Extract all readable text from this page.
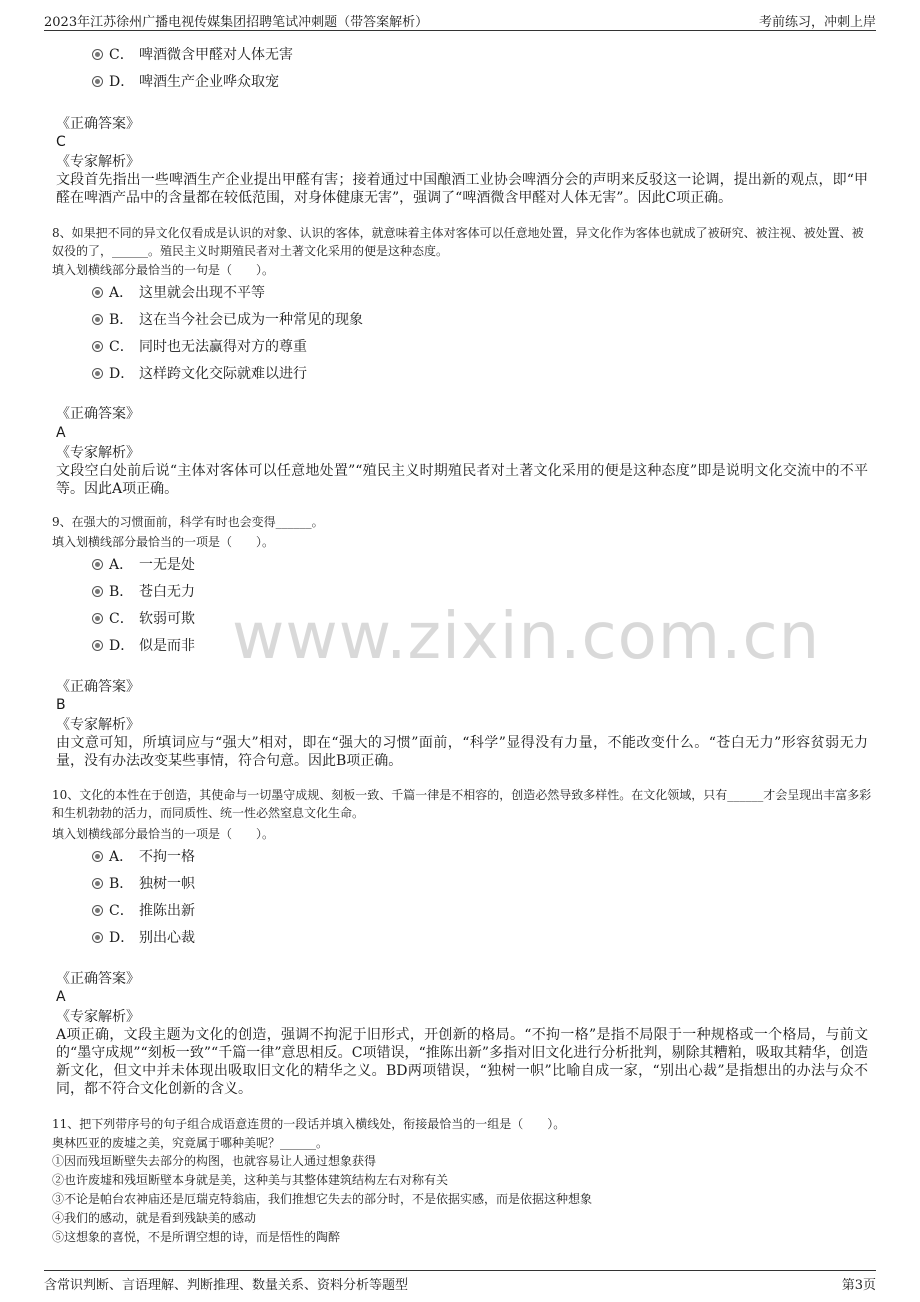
2023年江苏徐州广播电视传媒集团招聘笔试冲刺题（带答案解析）	考前练习，冲刺上岸
www.zixin.com.cn
C． 啤酒微含甲醛对人体无害
D． 啤酒生产企业哗众取宠
《正确答案》
C
《专家解析》
文段首先指出一些啤酒生产企业提出甲醛有害；接着通过中国酿酒工业协会啤酒分会的声明来反驳这一论调，提出新的观点，即“甲醛在啤酒产品中的含量都在较低范围，对身体健康无害”，强调了“啤酒微含甲醛对人体无害”。因此C项正确。
8、如果把不同的异文化仅看成是认识的对象、认识的客体，就意味着主体对客体可以任意地处置，异文化作为客体也就成了被研究、被注视、被处置、被奴役的了，______。殖民主义时期殖民者对土著文化采用的便是这种态度。
填入划横线部分最恰当的一句是（　　）。
A． 这里就会出现不平等
B． 这在当今社会已成为一种常见的现象
C． 同时也无法赢得对方的尊重
D． 这样跨文化交际就难以进行
《正确答案》
A
《专家解析》
文段空白处前后说“主体对客体可以任意地处置”“殖民主义时期殖民者对土著文化采用的便是这种态度”即是说明文化交流中的不平等。因此A项正确。
9、在强大的习惯面前，科学有时也会变得______。
填入划横线部分最恰当的一项是（　　）。
A． 一无是处
B． 苍白无力
C． 软弱可欺
D． 似是而非
《正确答案》
B
《专家解析》
由文意可知，所填词应与“强大”相对，即在“强大的习惯”面前，“科学”显得没有力量，不能改变什么。“苍白无力”形容贫弱无力量，没有办法改变某些事情，符合句意。因此B项正确。
10、文化的本性在于创造，其使命与一切墨守成规、刻板一致、千篇一律是不相容的，创造必然导致多样性。在文化领域，只有______才会呈现出丰富多彩和生机勃勃的活力，而同质性、统一性必然窒息文化生命。
填入划横线部分最恰当的一项是（　　）。
A． 不拘一格
B． 独树一帜
C． 推陈出新
D． 别出心裁
《正确答案》
A
《专家解析》
A项正确，文段主题为文化的创造，强调不拘泥于旧形式，开创新的格局。“不拘一格”是指不局限于一种规格或一个格局，与前文的“墨守成规”“刻板一致”“千篇一律”意思相反。C项错误，“推陈出新”多指对旧文化进行分析批判，剔除其糟粕，吸取其精华，创造新文化，但文中并未体现出吸取旧文化的精华之义。BD两项错误，“独树一帜”比喻自成一家，“别出心裁”是指想出的办法与众不同，都不符合文化创新的含义。
11、把下列带序号的句子组合成语意连贯的一段话并填入横线处，衔接最恰当的一组是（　　）。
奥林匹亚的废墟之美，究竟属于哪种美呢？______。
①因而残垣断壁失去部分的构图，也就容易让人通过想象获得
②也许废墟和残垣断壁本身就是美，这种美与其整体建筑结构左右对称有关
③不论是帕台农神庙还是厄瑞克特翁庙，我们推想它失去的部分时，不是依据实感，而是依据这种想象
④我们的感动，就是看到残缺美的感动
⑤这想象的喜悦，不是所谓空想的诗，而是悟性的陶醉
含常识判断、言语理解、判断推理、数量关系、资料分析等题型	第3页
